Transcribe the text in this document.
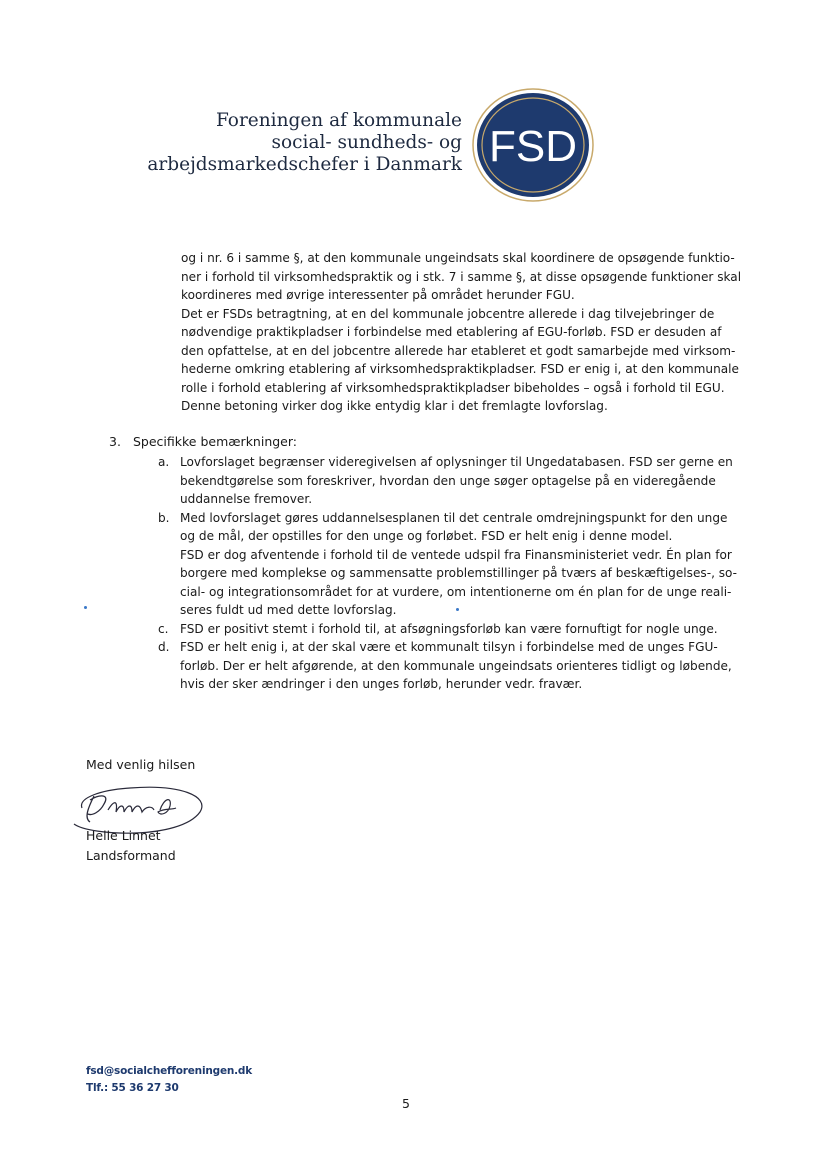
Foreningen af kommunale
social- sundheds- og
arbejdsmarkedschefer i Danmark FSD
og i nr. 6 i samme §, at den kommunale ungeindsats skal koordinere de opsøgende funktio-
ner i forhold til virksomhedspraktik og i stk. 7 i samme §, at disse opsøgende funktioner skal
koordineres med øvrige interessenter på området herunder FGU.
Det er FSDs betragtning, at en del kommunale jobcentre allerede i dag tilvejebringer de
nødvendige praktikpladser i forbindelse med etablering af EGU-forløb. FSD er desuden af
den opfattelse, at en del jobcentre allerede har etableret et godt samarbejde med virksom-
hederne omkring etablering af virksomhedspraktikpladser. FSD er enig i, at den kommunale
rolle i forhold etablering af virksomhedspraktikpladser bibeholdes – også i forhold til EGU.
Denne betoning virker dog ikke entydig klar i det fremlagte lovforslag.
3. Specifikke bemærkninger:
a. Lovforslaget begrænser videregivelsen af oplysninger til Ungedatabasen. FSD ser gerne en
bekendtgørelse som foreskriver, hvordan den unge søger optagelse på en videregående
uddannelse fremover.
b. Med lovforslaget gøres uddannelsesplanen til det centrale omdrejningspunkt for den unge
og de mål, der opstilles for den unge og forløbet. FSD er helt enig i denne model.
FSD er dog afventende i forhold til de ventede udspil fra Finansministeriet vedr. Én plan for
borgere med komplekse og sammensatte problemstillinger på tværs af beskæftigelses-, so-
cial- og integrationsområdet for at vurdere, om intentionerne om én plan for de unge reali-
seres fuldt ud med dette lovforslag.
c. FSD er positivt stemt i forhold til, at afsøgningsforløb kan være fornuftigt for nogle unge.
d. FSD er helt enig i, at der skal være et kommunalt tilsyn i forbindelse med de unges FGU-
forløb. Der er helt afgørende, at den kommunale ungeindsats orienteres tidligt og løbende,
hvis der sker ændringer i den unges forløb, herunder vedr. fravær.
Med venlig hilsen
Helle Linnet
Landsformand
fsd@socialchefforeningen.dk
Tlf.: 55 36 27 30
5
